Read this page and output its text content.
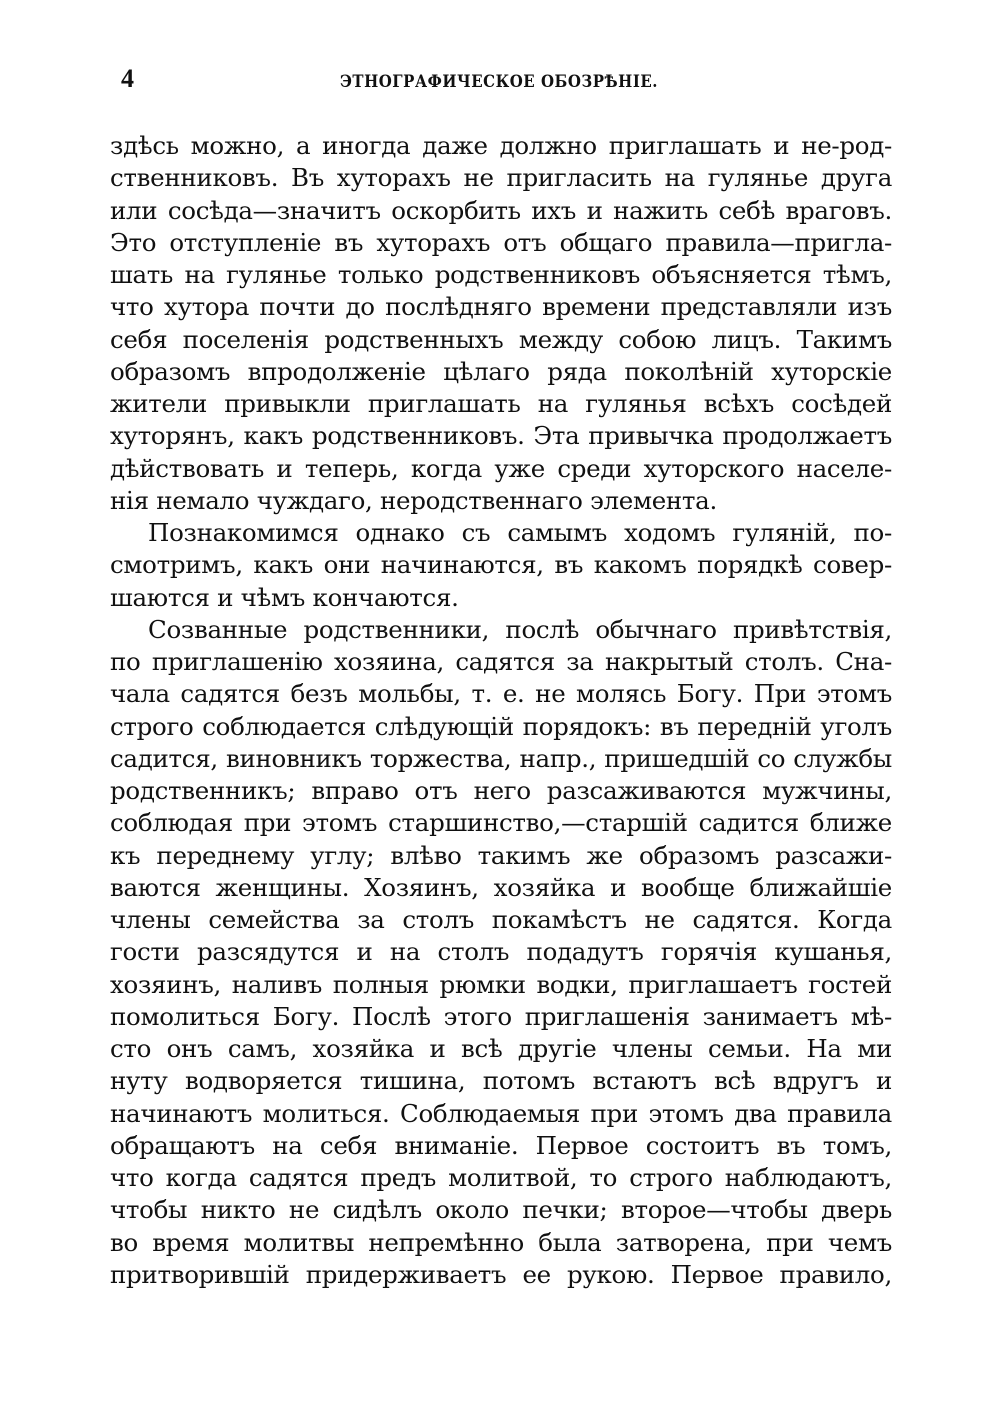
4	ЭТНОГРАФИЧЕСКОЕ ОБОЗРѢНІЕ.
здѣсь можно, а иногда даже должно приглашать и не-род-
ственниковъ. Въ хуторахъ не пригласить на гулянье друга
или сосѣда—значитъ оскорбить ихъ и нажить себѣ враговъ.
Это отступленіе въ хуторахъ отъ общаго правила—пригла-
шать на гулянье только родственниковъ объясняется тѣмъ,
что хутора почти до послѣдняго времени представляли изъ
себя поселенія родственныхъ между собою лицъ. Такимъ
образомъ впродолженіе цѣлаго ряда поколѣній хуторскіе
жители привыкли приглашать на гулянья всѣхъ сосѣдей
хуторянъ, какъ родственниковъ. Эта привычка продолжаетъ
дѣйствовать и теперь, когда уже среди хуторского населе-
нія немало чуждаго, неродственнаго элемента.
Познакомимся однако съ самымъ ходомъ гуляній, по-
смотримъ, какъ они начинаются, въ какомъ порядкѣ совер-
шаются и чѣмъ кончаются.
Созванные родственники, послѣ обычнаго привѣтствія,
по приглашенію хозяина, садятся за накрытый столъ. Сна-
чала садятся безъ мольбы, т. е. не молясь Богу. При этомъ
строго соблюдается слѣдующій порядокъ: въ передній уголъ
садится, виновникъ торжества, напр., пришедшій со службы
родственникъ; вправо отъ него разсаживаются мужчины,
соблюдая при этомъ старшинство,—старшій садится ближе
къ переднему углу; влѣво такимъ же образомъ разсажи-
ваются женщины. Хозяинъ, хозяйка и вообще ближайшіе
члены семейства за столъ покамѣстъ не садятся. Когда
гости разсядутся и на столъ подадутъ горячія кушанья,
хозяинъ, наливъ полныя рюмки водки, приглашаетъ гостей
помолиться Богу. Послѣ этого приглашенія занимаетъ мѣ-
сто онъ самъ, хозяйка и всѣ другіе члены семьи. На ми
нуту водворяется тишина, потомъ встаютъ всѣ вдругъ и
начинаютъ молиться. Соблюдаемыя при этомъ два правила
обращаютъ на себя вниманіе. Первое состоитъ въ томъ,
что когда садятся предъ молитвой, то строго наблюдаютъ,
чтобы никто не сидѣлъ около печки; второе—чтобы дверь
во время молитвы непремѣнно была затворена, при чемъ
притворившій придерживаетъ ее рукою. Первое правило,
